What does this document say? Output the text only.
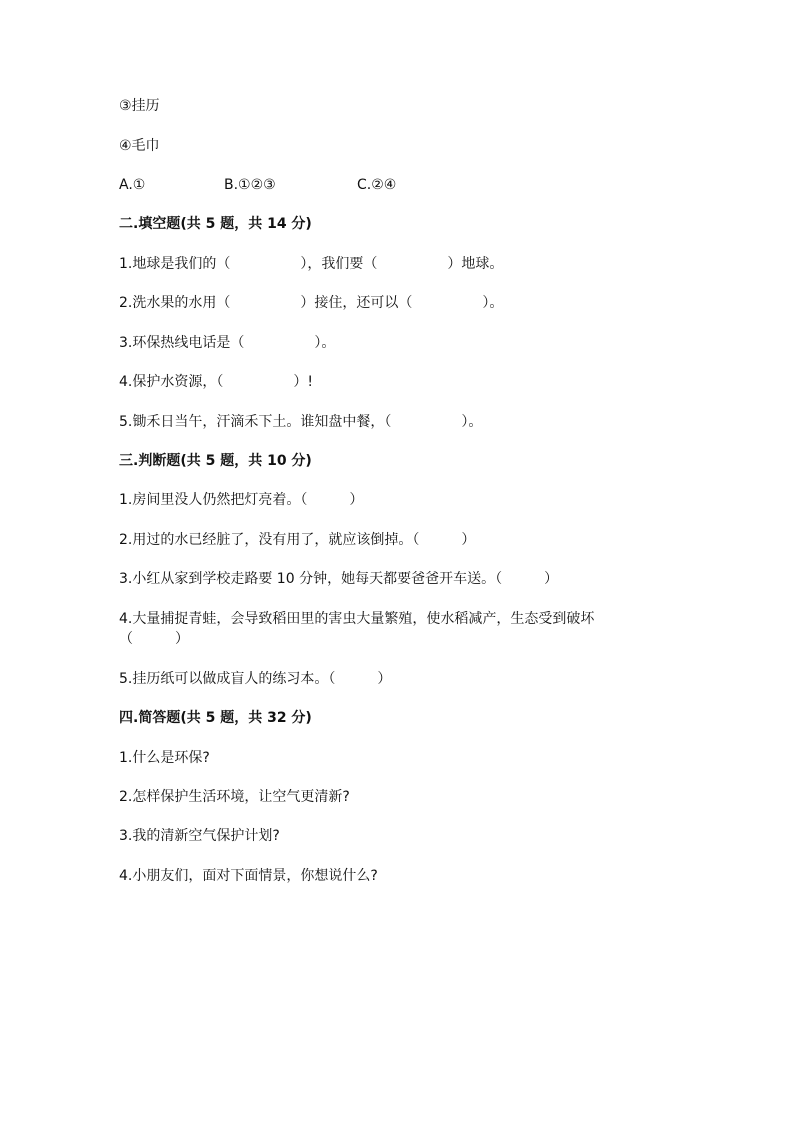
③挂历
④毛巾
A.①	B.①②③	C.②④
二.填空题(共 5 题，共 14 分)
1.地球是我们的（　　　　　），我们要（　　　　　）地球。
2.洗水果的水用（　　　　　）接住，还可以（　　　　　）。
3.环保热线电话是（　　　　　）。
4.保护水资源，（　　　　　）!
5.锄禾日当午，汗滴禾下土。谁知盘中餐，（　　　　　）。
三.判断题(共 5 题，共 10 分)
1.房间里没人仍然把灯亮着。（　　　）
2.用过的水已经脏了，没有用了，就应该倒掉。（　　　）
3.小红从家到学校走路要 10 分钟，她每天都要爸爸开车送。（　　　）
4.大量捕捉青蛙，会导致稻田里的害虫大量繁殖，使水稻减产，生态受到破坏
（　　　）
5.挂历纸可以做成盲人的练习本。（　　　）
四.简答题(共 5 题，共 32 分)
1.什么是环保?
2.怎样保护生活环境，让空气更清新?
3.我的清新空气保护计划?
4.小朋友们，面对下面情景，你想说什么?
